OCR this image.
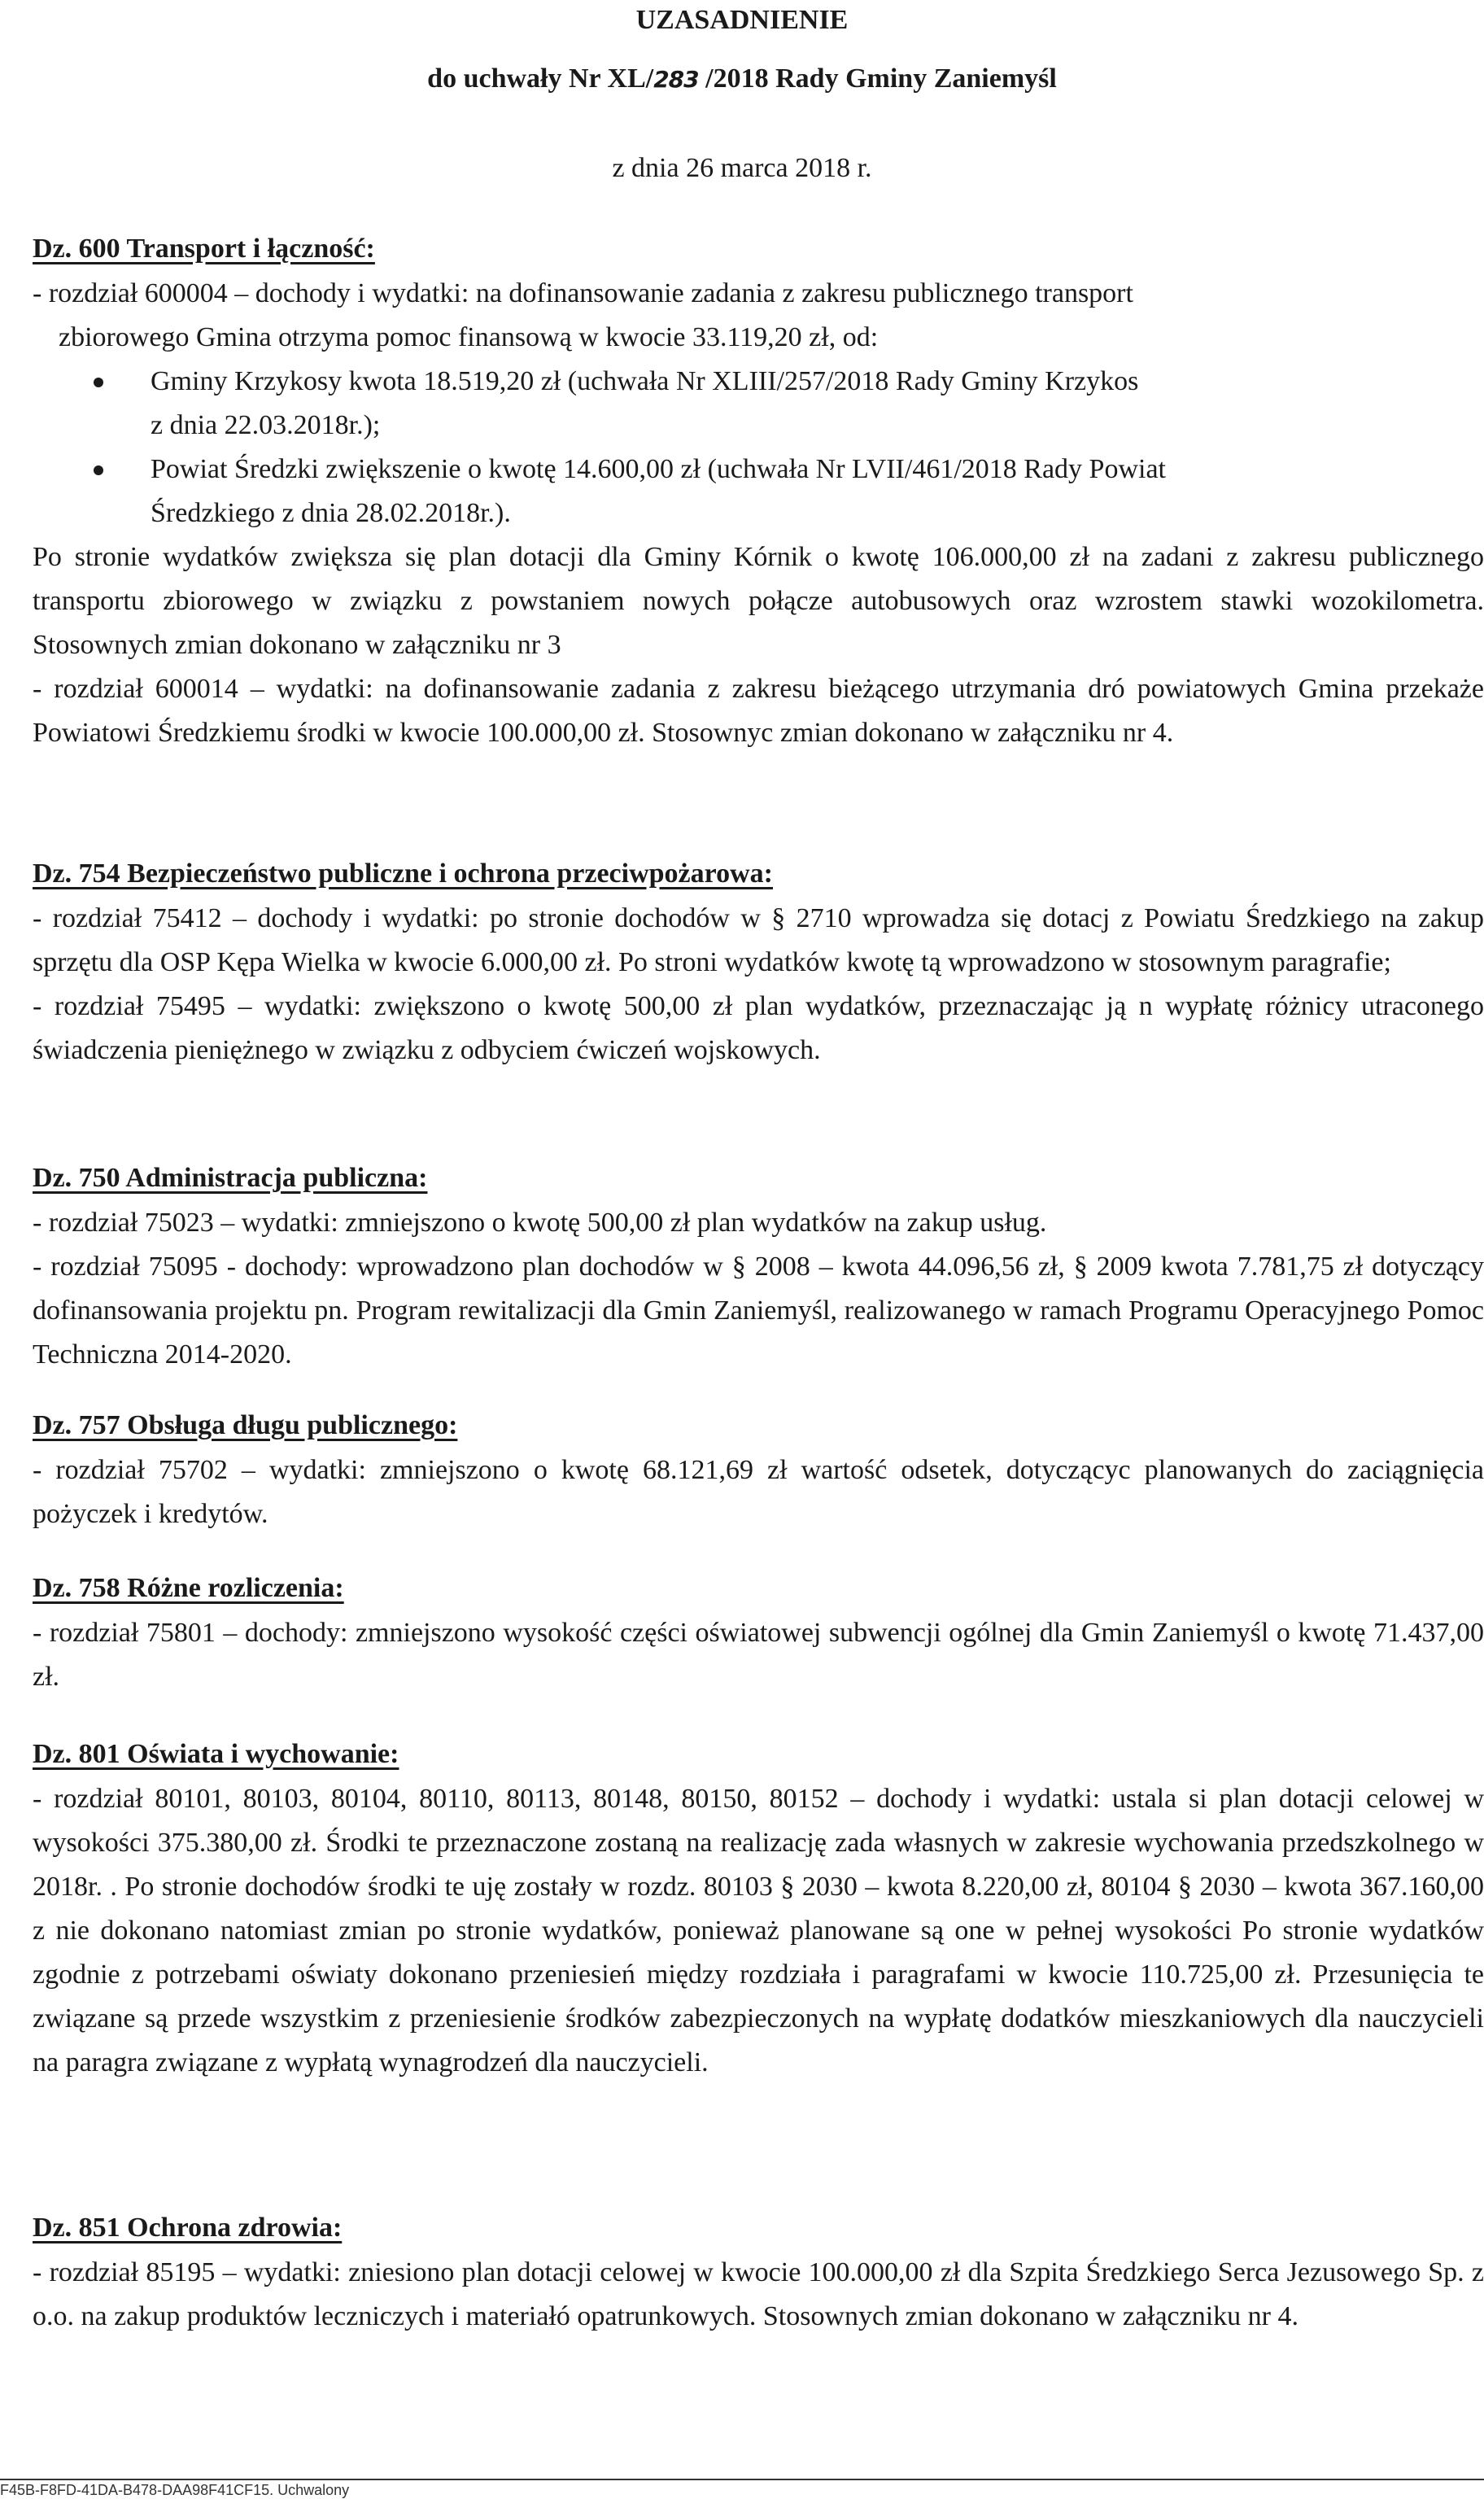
UZASADNIENIE
do uchwały Nr XL/283 /2018 Rady Gminy Zaniemyśl
z dnia 26 marca 2018 r.
Dz. 600 Transport i łączność:

- rozdział 600004 – dochody i wydatki: na dofinansowanie zadania z zakresu publicznego transport

zbiorowego Gmina otrzyma pomoc finansową w kwocie 33.119,20 zł, od:

Gminy Krzykosy kwota 18.519,20 zł (uchwała Nr XLIII/257/2018 Rady Gminy Krzykos
z dnia 22.03.2018r.);
Powiat Średzki zwiększenie o kwotę 14.600,00 zł (uchwała Nr LVII/461/2018 Rady Powiat
Średzkiego z dnia 28.02.2018r.).

Po stronie wydatków zwiększa się plan dotacji dla Gminy Kórnik o kwotę 106.000,00 zł na zadani z zakresu publicznego transportu zbiorowego w związku z powstaniem nowych połącze autobusowych oraz wzrostem stawki wozokilometra. Stosownych zmian dokonano w załączniku nr 3

- rozdział 600014 – wydatki: na dofinansowanie zadania z zakresu bieżącego utrzymania dró powiatowych Gmina przekaże Powiatowi Średzkiemu środki w kwocie 100.000,00 zł. Stosownyc zmian dokonano w załączniku nr 4.

Dz. 754 Bezpieczeństwo publiczne i ochrona przeciwpożarowa:

- rozdział 75412 – dochody i wydatki: po stronie dochodów w § 2710 wprowadza się dotacj z Powiatu Średzkiego na zakup sprzętu dla OSP Kępa Wielka w kwocie 6.000,00 zł. Po stroni wydatków kwotę tą wprowadzono w stosownym paragrafie;

- rozdział 75495 – wydatki: zwiększono o kwotę 500,00 zł plan wydatków, przeznaczając ją n wypłatę różnicy utraconego świadczenia pieniężnego w związku z odbyciem ćwiczeń wojskowych.

Dz. 750 Administracja publiczna:

- rozdział 75023 – wydatki: zmniejszono o kwotę 500,00 zł plan wydatków na zakup usług.

- rozdział 75095 - dochody: wprowadzono plan dochodów w § 2008 – kwota 44.096,56 zł, § 2009 kwota 7.781,75 zł dotyczący dofinansowania projektu pn. Program rewitalizacji dla Gmin Zaniemyśl, realizowanego w ramach Programu Operacyjnego Pomoc Techniczna 2014-2020.

Dz. 757 Obsługa długu publicznego:

- rozdział 75702 – wydatki: zmniejszono o kwotę 68.121,69 zł wartość odsetek, dotyczącyc planowanych do zaciągnięcia pożyczek i kredytów.

Dz. 758 Różne rozliczenia:

- rozdział 75801 – dochody: zmniejszono wysokość części oświatowej subwencji ogólnej dla Gmin Zaniemyśl o kwotę 71.437,00 zł.

Dz. 801 Oświata i wychowanie:

- rozdział 80101, 80103, 80104, 80110, 80113, 80148, 80150, 80152 – dochody i wydatki: ustala si plan dotacji celowej w wysokości 375.380,00 zł. Środki te przeznaczone zostaną na realizację zada własnych w zakresie wychowania przedszkolnego w 2018r. . Po stronie dochodów środki te uję zostały w rozdz. 80103 § 2030 – kwota 8.220,00 zł, 80104 § 2030 – kwota 367.160,00 z nie dokonano natomiast zmian po stronie wydatków, ponieważ planowane są one w pełnej wysokości Po stronie wydatków zgodnie z potrzebami oświaty dokonano przeniesień między rozdziała i paragrafami w kwocie 110.725,00 zł. Przesunięcia te związane są przede wszystkim z przeniesienie środków zabezpieczonych na wypłatę dodatków mieszkaniowych dla nauczycieli na paragra związane z wypłatą wynagrodzeń dla nauczycieli.

Dz. 851 Ochrona zdrowia:

- rozdział 85195 – wydatki: zniesiono plan dotacji celowej w kwocie 100.000,00 zł dla Szpita Średzkiego Serca Jezusowego Sp. z o.o. na zakup produktów leczniczych i materiałó opatrunkowych. Stosownych zmian dokonano w załączniku nr 4.

F45B-F8FD-41DA-B478-DAA98F41CF15. Uchwalony
